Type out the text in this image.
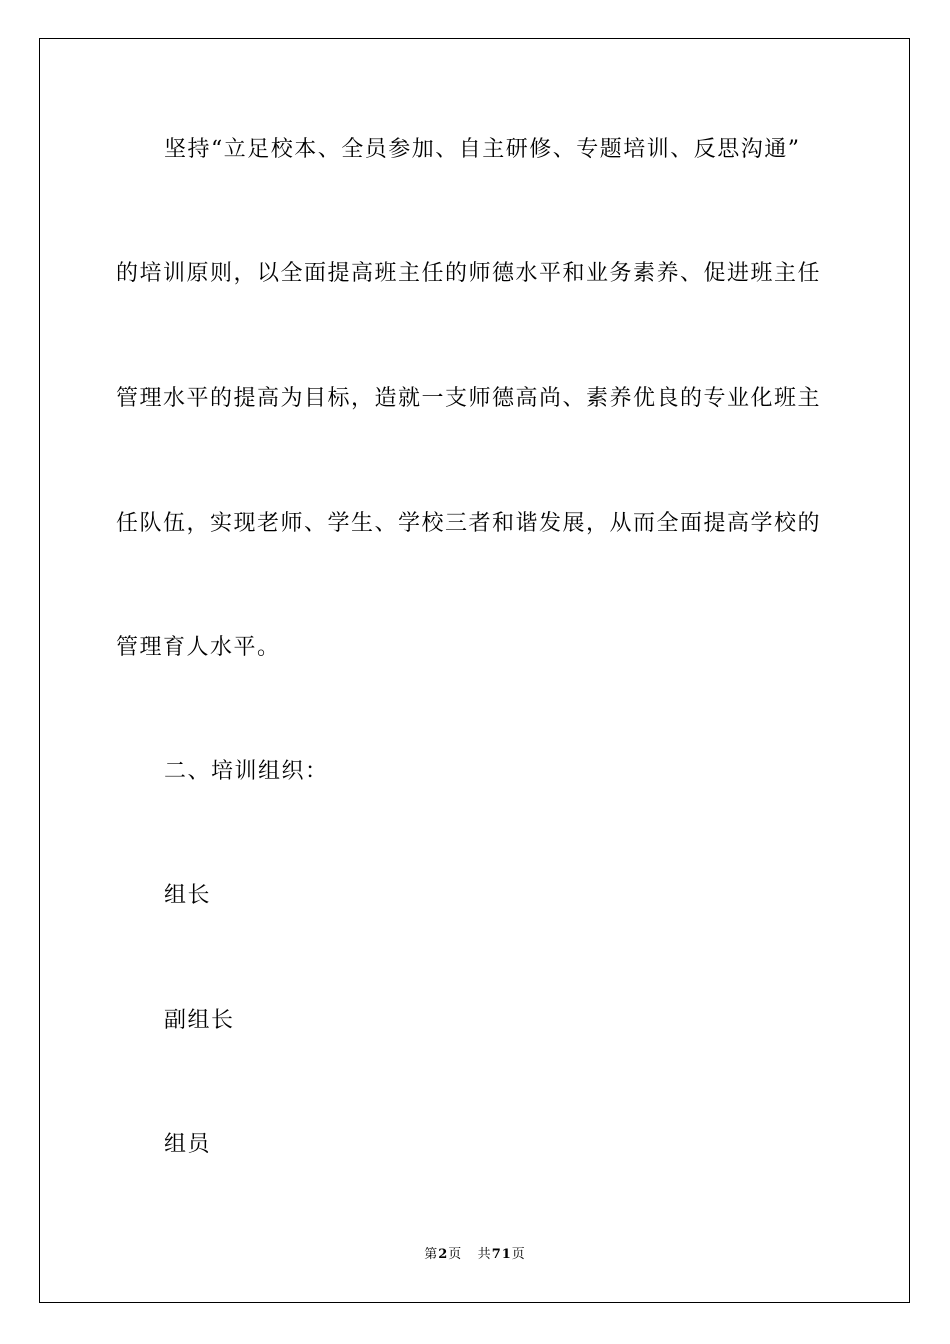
坚持“立足校本、全员参加、自主研修、专题培训、反思沟通”
的培训原则，以全面提高班主任的师德水平和业务素养、促进班主任
管理水平的提高为目标，造就一支师德高尚、素养优良的专业化班主
任队伍，实现老师、学生、学校三者和谐发展，从而全面提高学校的
管理育人水平。
二、培训组织：
组长
副组长
组员
第2页 共71页
